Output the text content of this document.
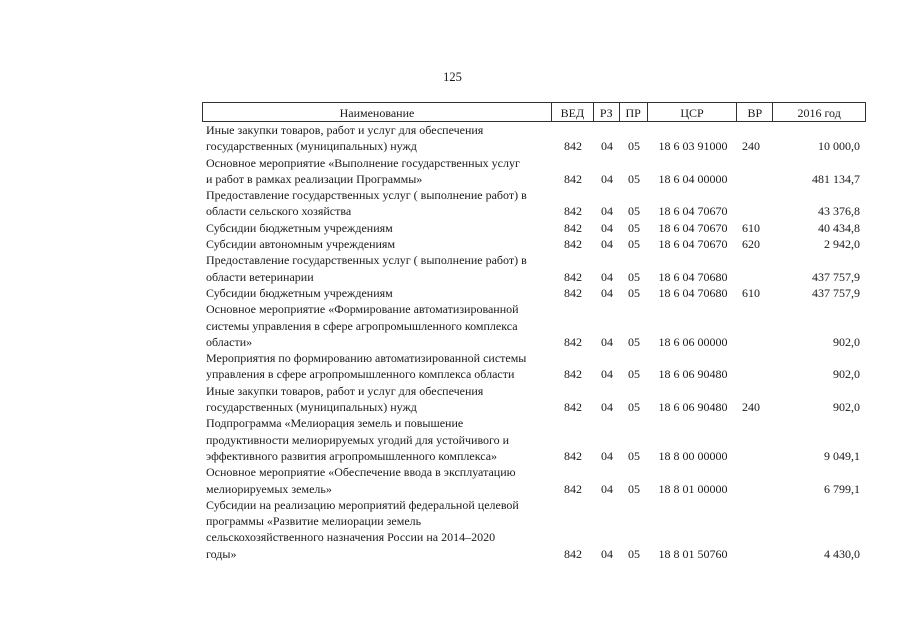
125
Наименование	ВЕД	РЗ	ПР	ЦСР	ВР	2016 год
Иные закупки товаров, работ и услуг для обеспечения
государственных (муниципальных) нужд	842	04	05	18 6 03 91000	240	10 000,0
Основное мероприятие «Выполнение государственных услуг
и работ в рамках реализации Программы»	842	04	05	18 6 04 00000	481 134,7
Предоставление государственных услуг ( выполнение работ) в
области сельского хозяйства	842	04	05	18 6 04 70670	43 376,8
Субсидии бюджетным учреждениям	842	04	05	18 6 04 70670	610	40 434,8
Субсидии автономным учреждениям	842	04	05	18 6 04 70670	620	2 942,0
Предоставление государственных услуг ( выполнение работ) в
области ветеринарии	842	04	05	18 6 04 70680	437 757,9
Субсидии бюджетным учреждениям	842	04	05	18 6 04 70680	610	437 757,9
Основное мероприятие «Формирование автоматизированной
системы управления в сфере агропромышленного комплекса
области»	842	04	05	18 6 06 00000	902,0
Мероприятия по формированию автоматизированной системы
управления в сфере агропромышленного комплекса области	842	04	05	18 6 06 90480	902,0
Иные закупки товаров, работ и услуг для обеспечения
государственных (муниципальных) нужд	842	04	05	18 6 06 90480	240	902,0
Подпрограмма «Мелиорация земель и повышение
продуктивности мелиорируемых угодий для устойчивого и
эффективного развития агропромышленного комплекса»	842	04	05	18 8 00 00000	9 049,1
Основное мероприятие «Обеспечение ввода в эксплуатацию
мелиорируемых земель»	842	04	05	18 8 01 00000	6 799,1
Субсидии на реализацию мероприятий федеральной целевой
программы «Развитие мелиорации земель
сельскохозяйственного назначения России на 2014–2020
годы»	842	04	05	18 8 01 50760	4 430,0
